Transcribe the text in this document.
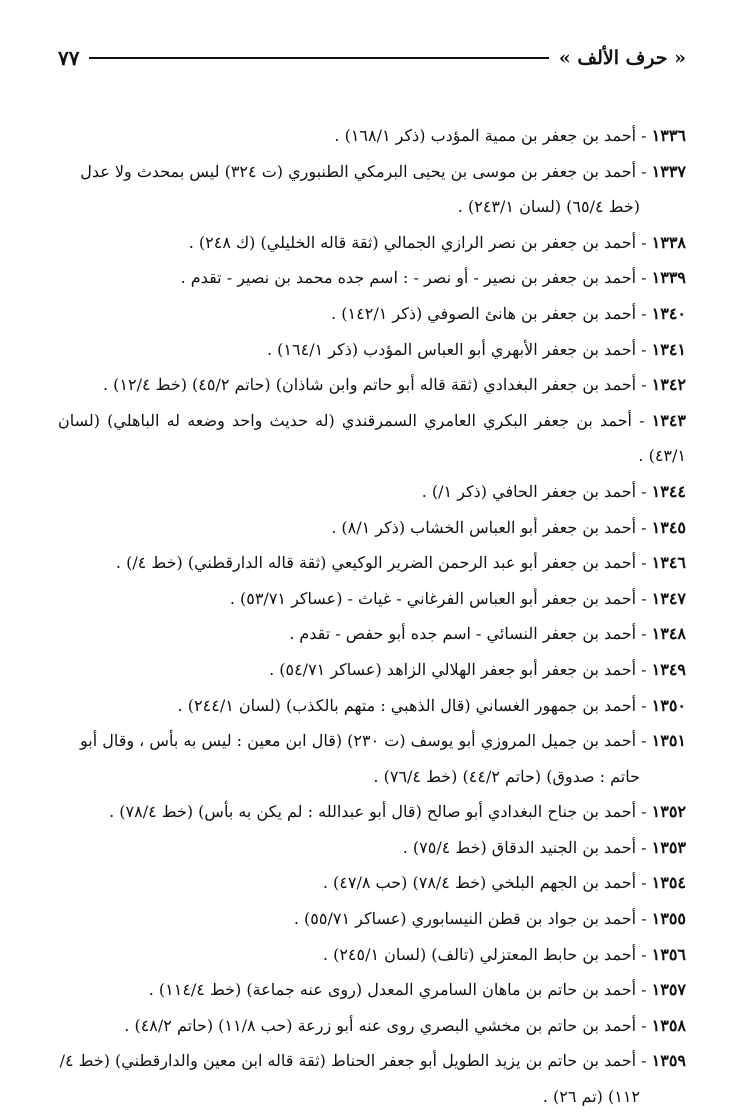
« حرف الألف »
٧٧
١٣٣٦ - أحمد بن جعفر بن ممية المؤدب (ذكر ١٦٨/١) .
١٣٣٧ - أحمد بن جعفر بن موسى بن يحيى البرمكي الطنبوري (ت ٣٢٤) ليس بمحدث ولا عدل
(خط ٦٥/٤) (لسان ٢٤٣/١) .
١٣٣٨ - أحمد بن جعفر بن نصر الرازي الجمالي (ثقة قاله الخليلي) (ك ٢٤٨) .
١٣٣٩ - أحمد بن جعفر بن نصير - أو نصر - : اسم جده محمد بن نصير - تقدم .
١٣٤٠ - أحمد بن جعفر بن هانئ الصوفي (ذكر ١٤٢/١) .
١٣٤١ - أحمد بن جعفر الأبهري أبو العباس المؤدب (ذكر ١٦٤/١) .
١٣٤٢ - أحمد بن جعفر البغدادي (ثقة قاله أبو حاتم وابن شاذان) (حاتم ٤٥/٢) (خط ١٢/٤) .
١٣٤٣ - أحمد بن جعفر البكري العامري السمرقندي (له حديث واحد وضعه له الباهلي) (لسان ٤٣/١) .
١٣٤٤ - أحمد بن جعفر الحافي (ذكر ١/) .
١٣٤٥ - أحمد بن جعفر أبو العباس الخشاب (ذكر ٨/١) .
١٣٤٦ - أحمد بن جعفر أبو عبد الرحمن الضرير الوكيعي (ثقة قاله الدارقطني) (خط ٤/) .
١٣٤٧ - أحمد بن جعفر أبو العباس الفرغاني - غياث - (عساكر ٥٣/٧١) .
١٣٤٨ - أحمد بن جعفر النسائي - اسم جده أبو حفص - تقدم .
١٣٤٩ - أحمد بن جعفر أبو جعفر الهلالي الزاهد (عساكر ٥٤/٧١) .
١٣٥٠ - أحمد بن جمهور الغساني (قال الذهبي : متهم بالكذب) (لسان ٢٤٤/١) .
١٣٥١ - أحمد بن جميل المروزي أبو يوسف (ت ٢٣٠) (قال ابن معين : ليس به بأس ، وقال أبو
حاتم : صدوق) (حاتم ٤٤/٢) (خط ٧٦/٤) .
١٣٥٢ - أحمد بن جناح البغدادي أبو صالح (قال أبو عبدالله : لم يكن به بأس) (خط ٧٨/٤) .
١٣٥٣ - أحمد بن الجنيد الدقاق (خط ٧٥/٤) .
١٣٥٤ - أحمد بن الجهم البلخي (خط ٧٨/٤) (حب ٤٧/٨) .
١٣٥٥ - أحمد بن جواد بن قطن النيسابوري (عساكر ٥٥/٧١) .
١٣٥٦ - أحمد بن حابط المعتزلي (تالف) (لسان ٢٤٥/١) .
١٣٥٧ - أحمد بن حاتم بن ماهان السامري المعدل (روى عنه جماعة) (خط ١١٤/٤) .
١٣٥٨ - أحمد بن حاتم بن مخشي البصري روى عنه أبو زرعة (حب ١١/٨) (حاتم ٤٨/٢) .
١٣٥٩ - أحمد بن حاتم بن يزيد الطويل أبو جعفر الحناط (ثقة قاله ابن معين والدارقطني) (خط ٤/
١١٢) (تم ٢٦) .
